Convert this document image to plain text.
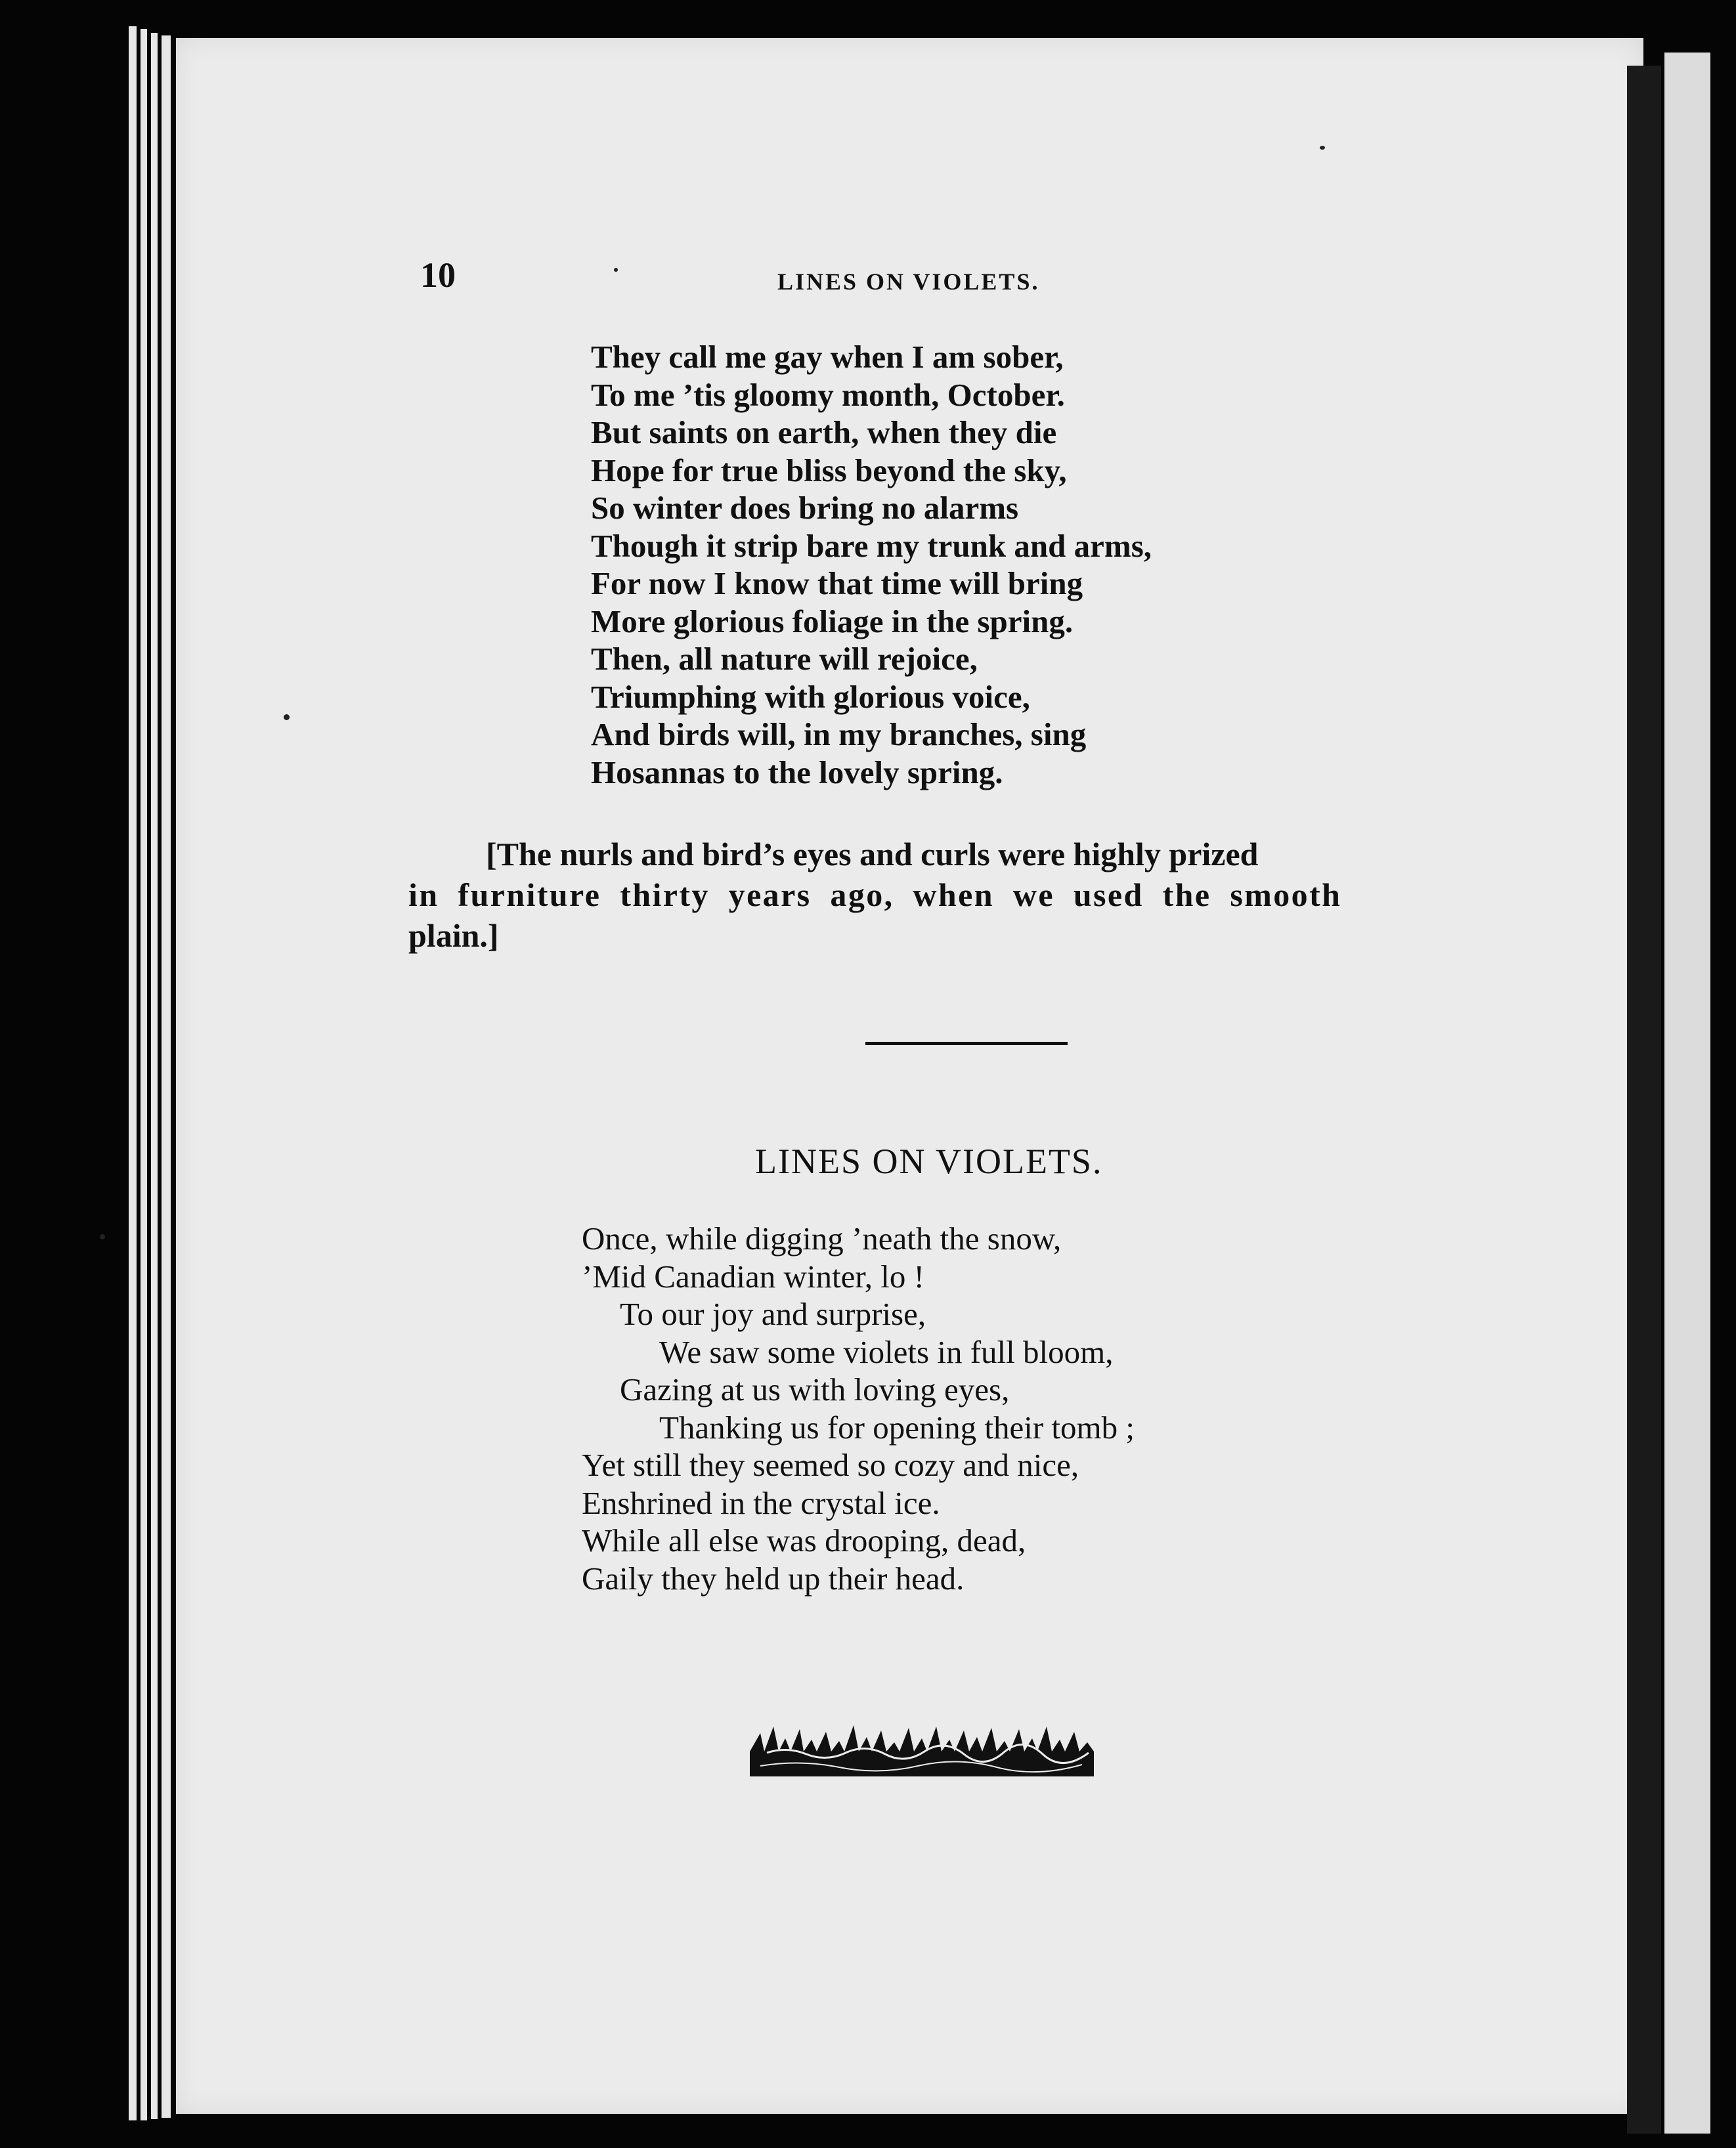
10	LINES ON VIOLETS.
They call me gay when I am sober,
To me ’tis gloomy month, October.
But saints on earth, when they die
Hope for true bliss beyond the sky,
So winter does bring no alarms
Though it strip bare my trunk and arms,
For now I know that time will bring
More glorious foliage in the spring.
Then, all nature will rejoice,
Triumphing with glorious voice,
And birds will, in my branches, sing
Hosannas to the lovely spring.
[The nurls and bird’s eyes and curls were highly prized
in furniture thirty years ago, when we used the smooth
plain.]
LINES ON VIOLETS.
Once, while digging ’neath the snow,
’Mid Canadian winter, lo !
To our joy and surprise,
We saw some violets in full bloom,
Gazing at us with loving eyes,
Thanking us for opening their tomb ;
Yet still they seemed so cozy and nice,
Enshrined in the crystal ice.
While all else was drooping, dead,
Gaily they held up their head.
